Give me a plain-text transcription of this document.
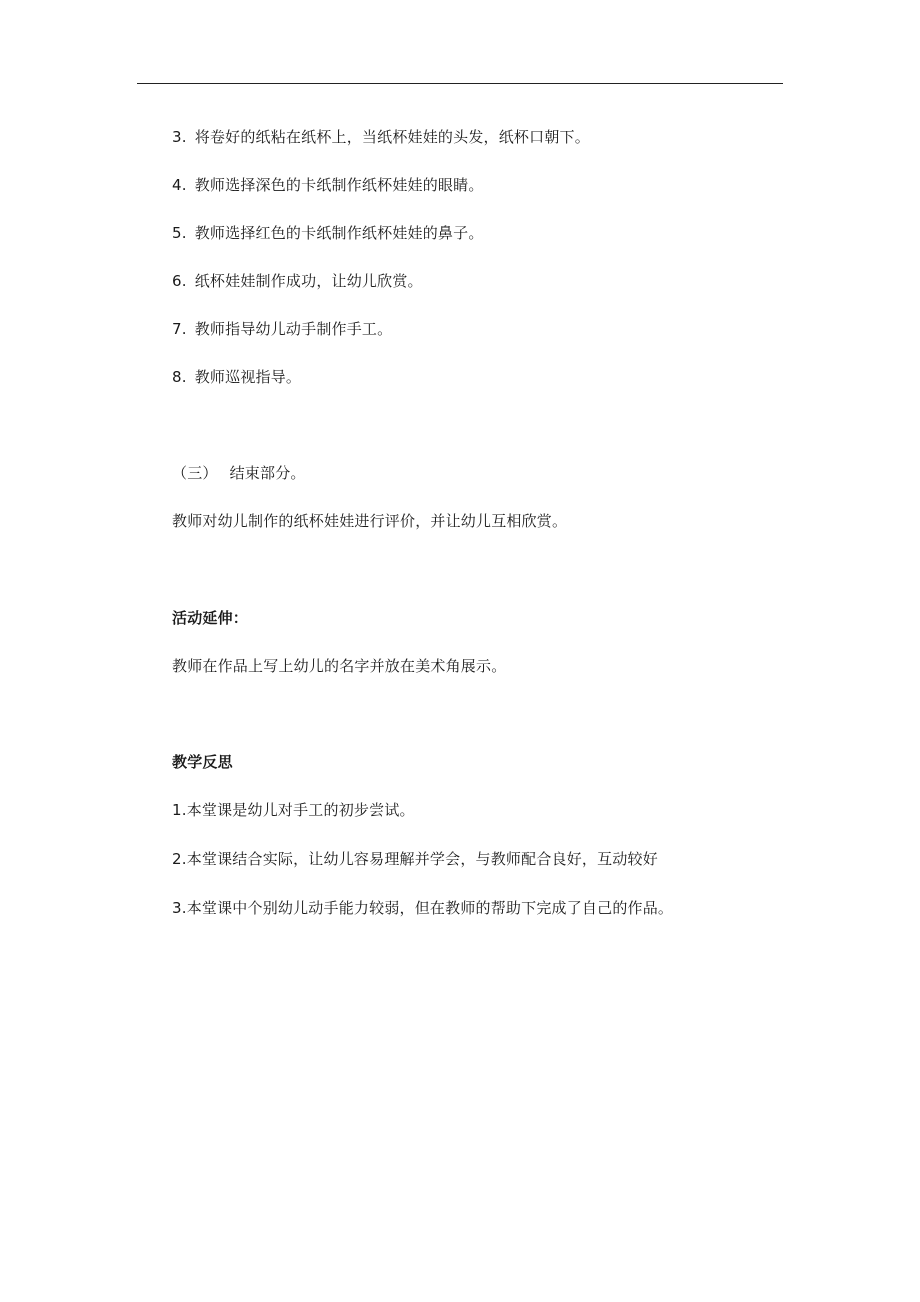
3. 将卷好的纸粘在纸杯上，当纸杯娃娃的头发，纸杯口朝下。
4. 教师选择深色的卡纸制作纸杯娃娃的眼睛。
5. 教师选择红色的卡纸制作纸杯娃娃的鼻子。
6. 纸杯娃娃制作成功，让幼儿欣赏。
7. 教师指导幼儿动手制作手工。
8. 教师巡视指导。
（三） 结束部分。
教师对幼儿制作的纸杯娃娃进行评价，并让幼儿互相欣赏。
活动延伸：
教师在作品上写上幼儿的名字并放在美术角展示。
教学反思
1.本堂课是幼儿对手工的初步尝试。
2.本堂课结合实际，让幼儿容易理解并学会，与教师配合良好，互动较好
3.本堂课中个别幼儿动手能力较弱，但在教师的帮助下完成了自己的作品。
